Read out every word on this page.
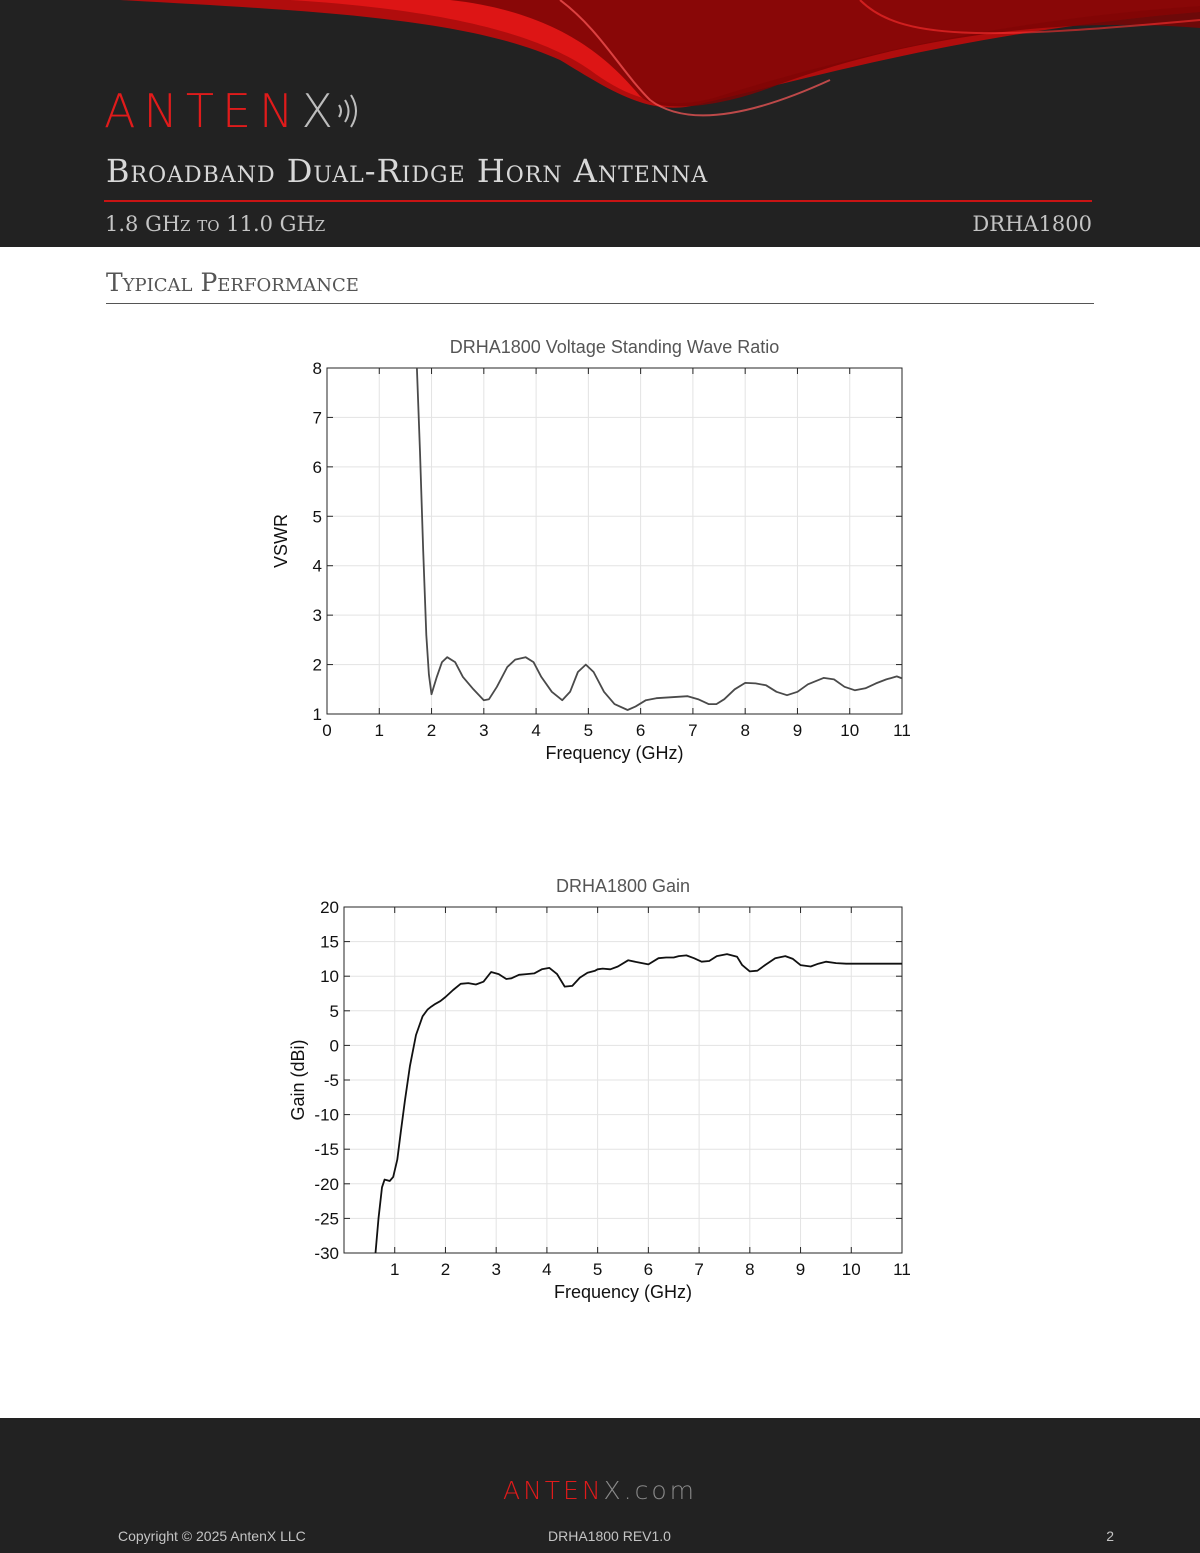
ANTEN X
Broadband Dual-Ridge Horn Antenna
1.8 GHz to 11.0 GHz	DRHA1800
Typical Performance
0	1	2	3	4	5	6	7	8	9 10 11
1
2
3
4
5
6
7
8
DRHA1800 Voltage Standing Wave Ratio
Frequency (GHz)
VSWR
1 2 3 4 5 6 7 8 9 10 11
-30
-25
-20
-15
-10
-5
0
5
10
15
20
DRHA1800 Gain
Frequency (GHz)
Gain (dBi)
ANTENX.com
Copyright © 2025 AntenX LLC	DRHA1800 REV1.0	2
